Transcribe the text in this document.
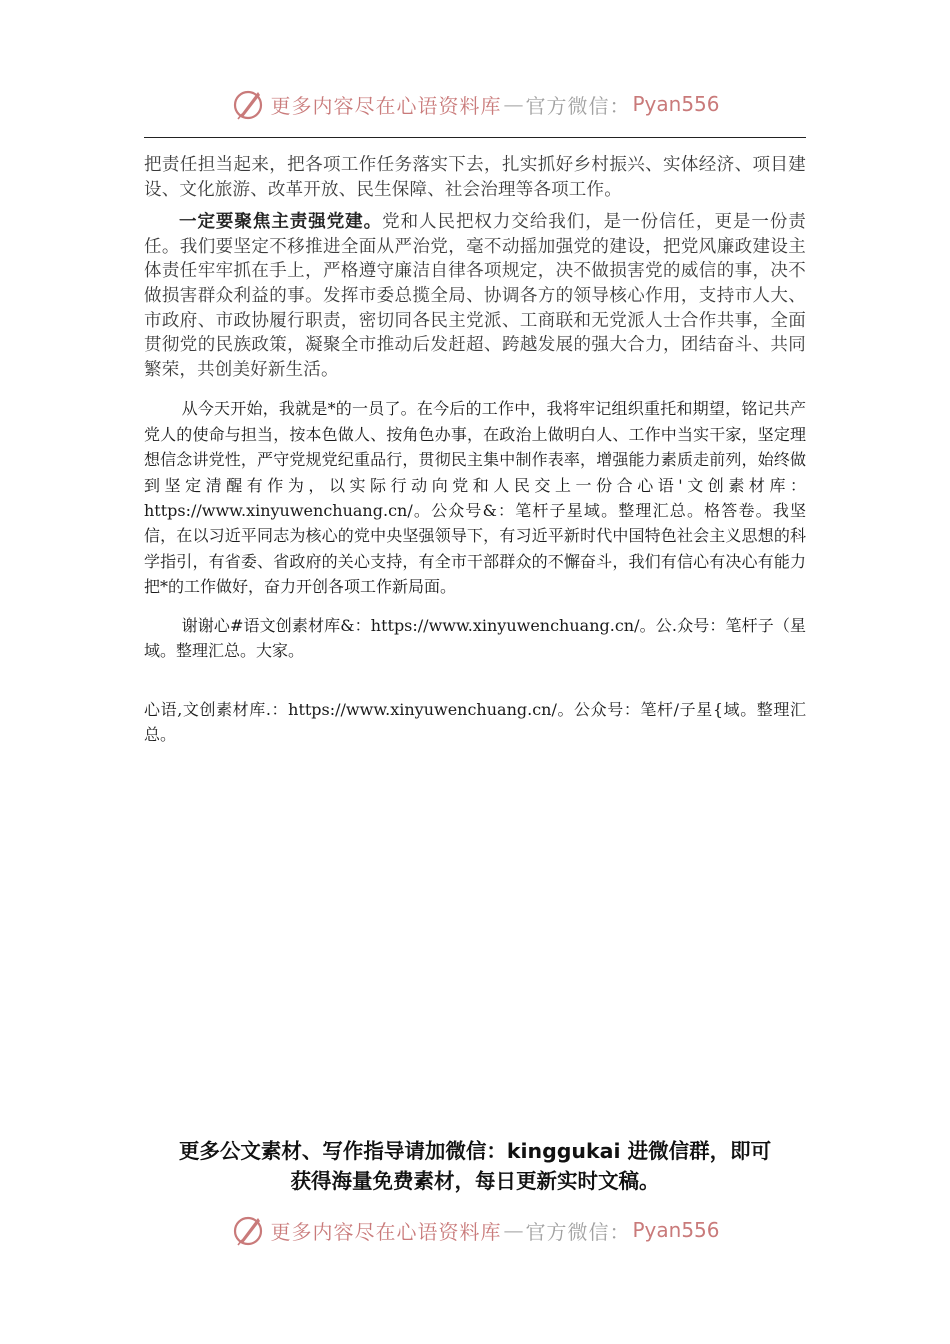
更多内容尽在心语资料库 — 官方微信： Pyan556

把责任担当起来，把各项工作任务落实下去，扎实抓好乡村振兴、实体经济、项目建设、文化旅游、改革开放、民生保障、社会治理等各项工作。

一定要聚焦主责强党建。党和人民把权力交给我们，是一份信任，更是一份责任。我们要坚定不移推进全面从严治党，毫不动摇加强党的建设，把党风廉政建设主体责任牢牢抓在手上，严格遵守廉洁自律各项规定，决不做损害党的威信的事，决不做损害群众利益的事。发挥市委总揽全局、协调各方的领导核心作用，支持市人大、市政府、市政协履行职责，密切同各民主党派、工商联和无党派人士合作共事，全面贯彻党的民族政策，凝聚全市推动后发赶超、跨越发展的强大合力，团结奋斗、共同繁荣，共创美好新生活。

从今天开始，我就是*的一员了。在今后的工作中，我将牢记组织重托和期望，铭记共产党人的使命与担当，按本色做人、按角色办事，在政治上做明白人、工作中当实干家，坚定理想信念讲党性，严守党规党纪重品行，贯彻民主集中制作表率，增强能力素质走前列，始终做到坚定清醒有作为，以实际行动向党和人民交上一份合心语'文创素材库：https://www.xinyuwenchuang.cn/。公众号&：笔杆子星域。整理汇总。格答卷。我坚信，在以习近平同志为核心的党中央坚强领导下，有习近平新时代中国特色社会主义思想的科学指引，有省委、省政府的关心支持，有全市干部群众的不懈奋斗，我们有信心有决心有能力把*的工作做好，奋力开创各项工作新局面。

谢谢心#语文创素材库&：https://www.xinyuwenchuang.cn/。公.众号：笔杆子（星域。整理汇总。大家。

心语,文创素材库.：https://www.xinyuwenchuang.cn/。公众号：笔杆/子星{域。整理汇总。

更多公文素材、写作指导请加微信：kinggukai 进微信群，即可
获得海量免费素材，每日更新实时文稿。
更多内容尽在心语资料库 — 官方微信： Pyan556
